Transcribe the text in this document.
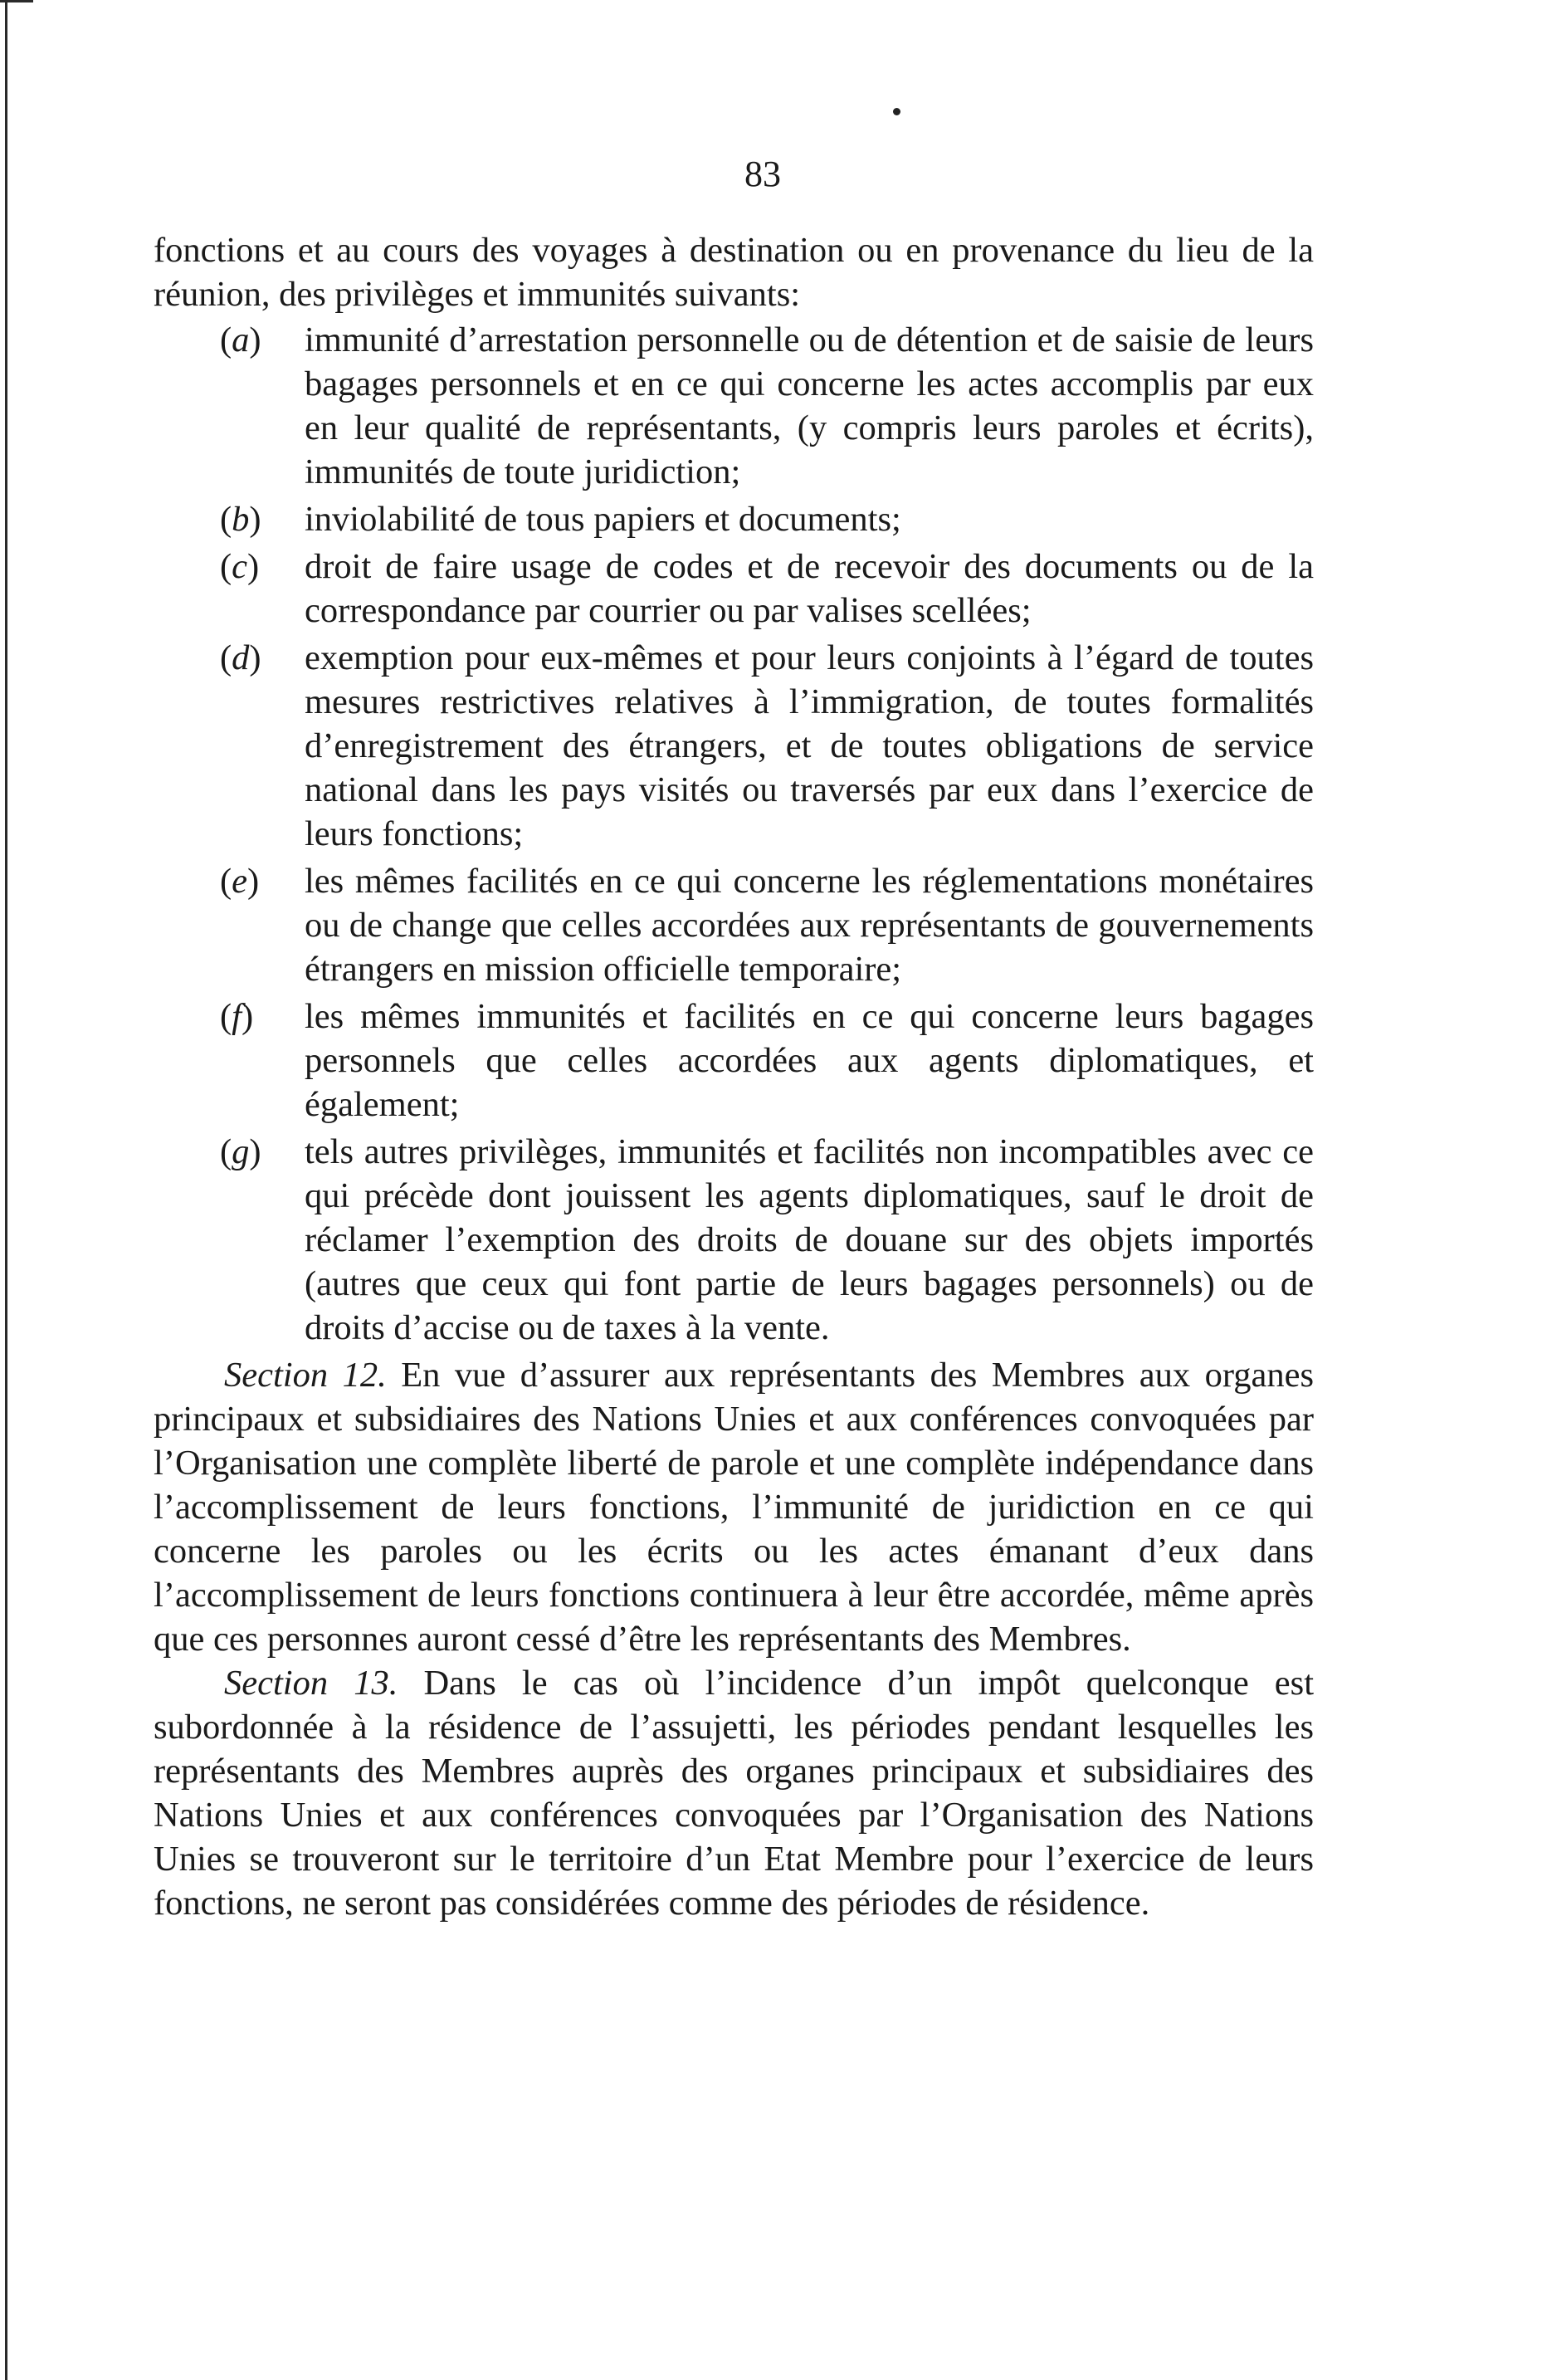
83

fonctions et au cours des voyages à destination ou en provenance du lieu de la réunion, des privilèges et immunités suivants:

(a) immunité d’arrestation personnelle ou de détention et de saisie de leurs bagages personnels et en ce qui concerne les actes accomplis par eux en leur qualité de représentants, (y compris leurs paroles et écrits), immunités de toute juridiction;
(b) inviolabilité de tous papiers et documents;
(c) droit de faire usage de codes et de recevoir des documents ou de la correspondance par courrier ou par valises scellées;
(d) exemption pour eux-mêmes et pour leurs conjoints à l’égard de toutes mesures restrictives relatives à l’immigration, de toutes formalités d’enregistrement des étrangers, et de toutes obligations de service national dans les pays visités ou traversés par eux dans l’exercice de leurs fonctions;
(e) les mêmes facilités en ce qui concerne les réglementations monétaires ou de change que celles accordées aux représentants de gouvernements étrangers en mission officielle temporaire;
(f) les mêmes immunités et facilités en ce qui concerne leurs bagages personnels que celles accordées aux agents diplomatiques, et également;
(g) tels autres privilèges, immunités et facilités non incompatibles avec ce qui précède dont jouissent les agents diplomatiques, sauf le droit de réclamer l’exemption des droits de douane sur des objets importés (autres que ceux qui font partie de leurs bagages personnels) ou de droits d’accise ou de taxes à la vente.

Section 12. En vue d’assurer aux représentants des Membres aux organes principaux et subsidiaires des Nations Unies et aux conférences convoquées par l’Organisation une complète liberté de parole et une complète indépendance dans l’accomplissement de leurs fonctions, l’immunité de juridiction en ce qui concerne les paroles ou les écrits ou les actes émanant d’eux dans l’accomplissement de leurs fonctions continuera à leur être accordée, même après que ces personnes auront cessé d’être les représentants des Membres.

Section 13. Dans le cas où l’incidence d’un impôt quelconque est subordonnée à la résidence de l’assujetti, les périodes pendant lesquelles les représentants des Membres auprès des organes principaux et subsidiaires des Nations Unies et aux conférences convoquées par l’Organisation des Nations Unies se trouveront sur le territoire d’un Etat Membre pour l’exercice de leurs fonctions, ne seront pas considérées comme des périodes de résidence.
